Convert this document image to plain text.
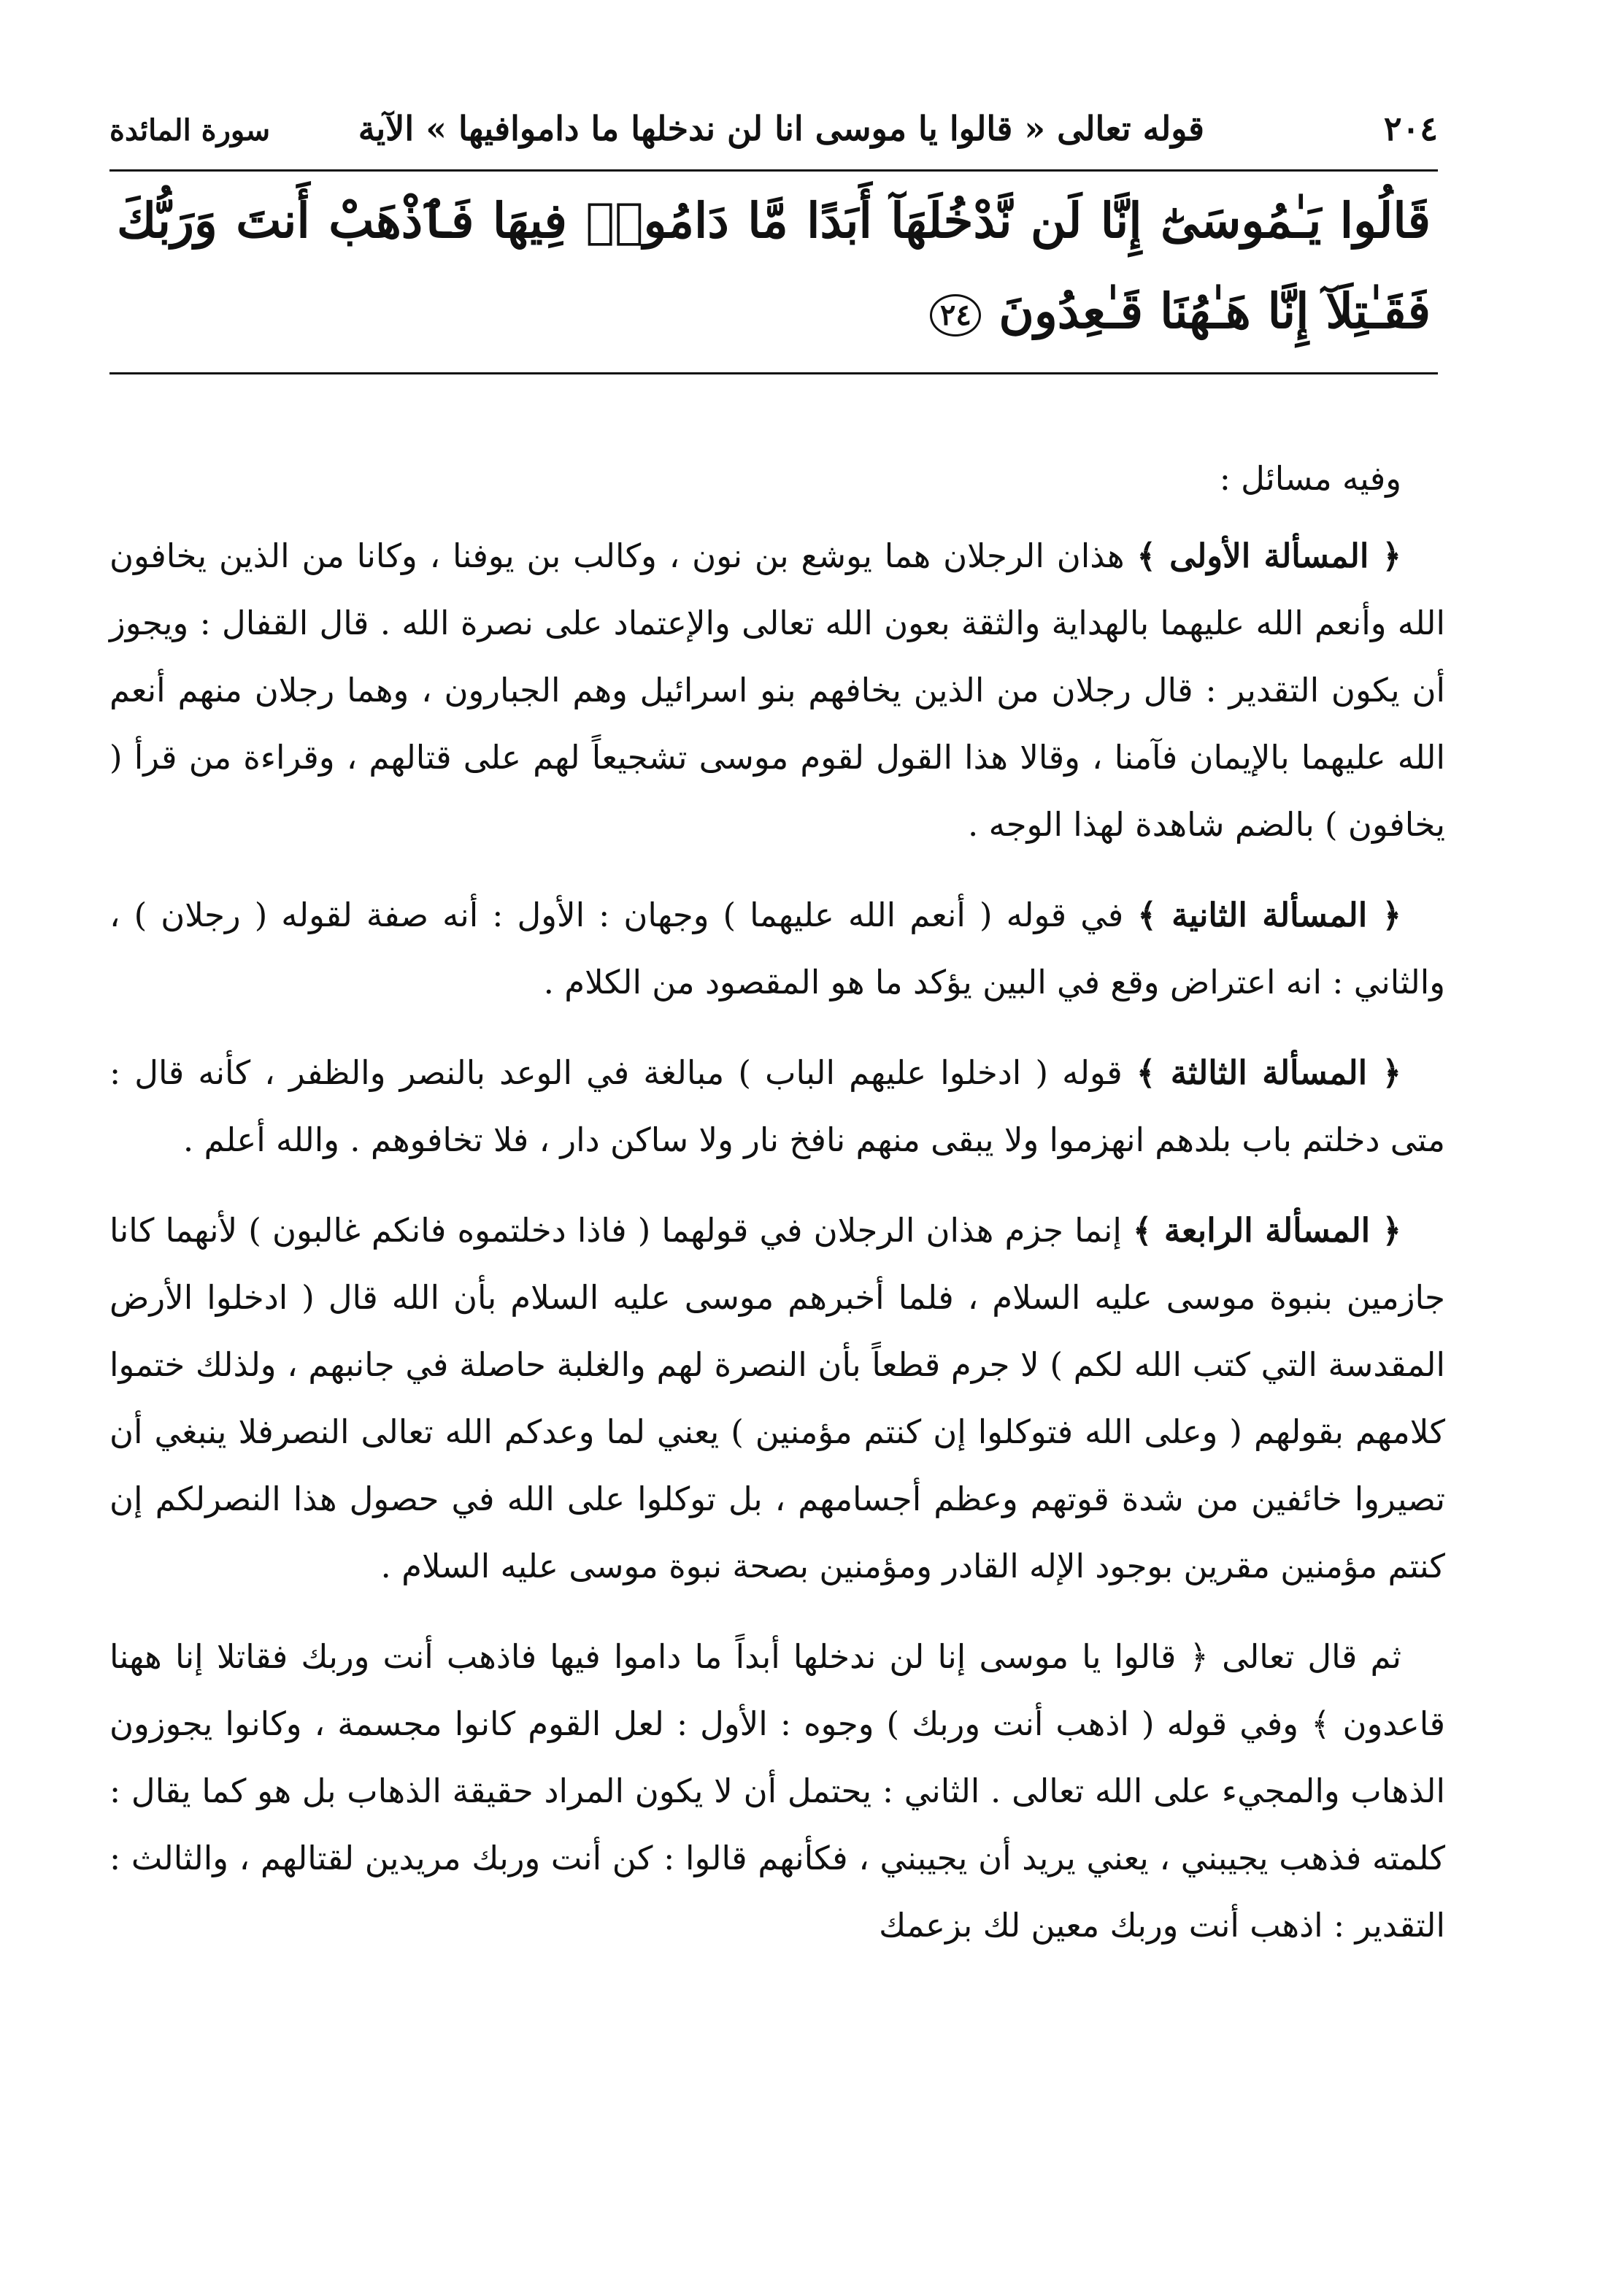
٢٠٤
قوله تعالى « قالوا يا موسى انا لن ندخلها ما داموافيها » الآية
سورة المائدة
قَالُوا يَـٰمُوسَىٰٓ إِنَّا لَن نَّدْخُلَهَآ أَبَدًا مَّا دَامُوا۟ فِيهَا فَٱذْهَبْ أَنتَ وَرَبُّكَ فَقَـٰتِلَآ إِنَّا هَـٰهُنَا قَـٰعِدُونَ٢٤

وفيه مسائل :

﴿ المسألة الأولى ﴾ هذان الرجلان هما يوشع بن نون ، وكالب بن يوفنا ، وكانا من الذين يخافون الله وأنعم الله عليهما بالهداية والثقة بعون الله تعالى والإعتماد على نصرة الله . قال القفال : ويجوز أن يكون التقدير : قال رجلان من الذين يخافهم بنو اسرائيل وهم الجبارون ، وهما رجلان منهم أنعم الله عليهما بالإيمان فآمنا ، وقالا هذا القول لقوم موسى تشجيعاً لهم على قتالهم ، وقراءة من قرأ ( يخافون ) بالضم شاهدة لهذا الوجه .

﴿ المسألة الثانية ﴾ في قوله ( أنعم الله عليهما ) وجهان : الأول : أنه صفة لقوله ( رجلان ) ، والثاني : انه اعتراض وقع في البين يؤكد ما هو المقصود من الكلام .

﴿ المسألة الثالثة ﴾ قوله ( ادخلوا عليهم الباب ) مبالغة في الوعد بالنصر والظفر ، كأنه قال : متى دخلتم باب بلدهم انهزموا ولا يبقى منهم نافخ نار ولا ساكن دار ، فلا تخافوهم . والله أعلم .

﴿ المسألة الرابعة ﴾ إنما جزم هذان الرجلان في قولهما ( فاذا دخلتموه فانكم غالبون ) لأنهما كانا جازمين بنبوة موسى عليه السلام ، فلما أخبرهم موسى عليه السلام بأن الله قال ( ادخلوا الأرض المقدسة التي كتب الله لكم ) لا جرم قطعاً بأن النصرة لهم والغلبة حاصلة في جانبهم ، ولذلك ختموا كلامهم بقولهم ( وعلى الله فتوكلوا إن كنتم مؤمنين ) يعني لما وعدكم الله تعالى النصرفلا ينبغي أن تصيروا خائفين من شدة قوتهم وعظم أجسامهم ، بل توكلوا على الله في حصول هذا النصرلكم إن كنتم مؤمنين مقرين بوجود الإله القادر ومؤمنين بصحة نبوة موسى عليه السلام .

ثم قال تعالى ﴿ قالوا يا موسى إنا لن ندخلها أبداً ما داموا فيها فاذهب أنت وربك فقاتلا إنا ههنا قاعدون ﴾ وفي قوله ( اذهب أنت وربك ) وجوه : الأول : لعل القوم كانوا مجسمة ، وكانوا يجوزون الذهاب والمجيء على الله تعالى . الثاني : يحتمل أن لا يكون المراد حقيقة الذهاب بل هو كما يقال : كلمته فذهب يجيبني ، يعني يريد أن يجيبني ، فكأنهم قالوا : كن أنت وربك مريدين لقتالهم ، والثالث : التقدير : اذهب أنت وربك معين لك بزعمك
